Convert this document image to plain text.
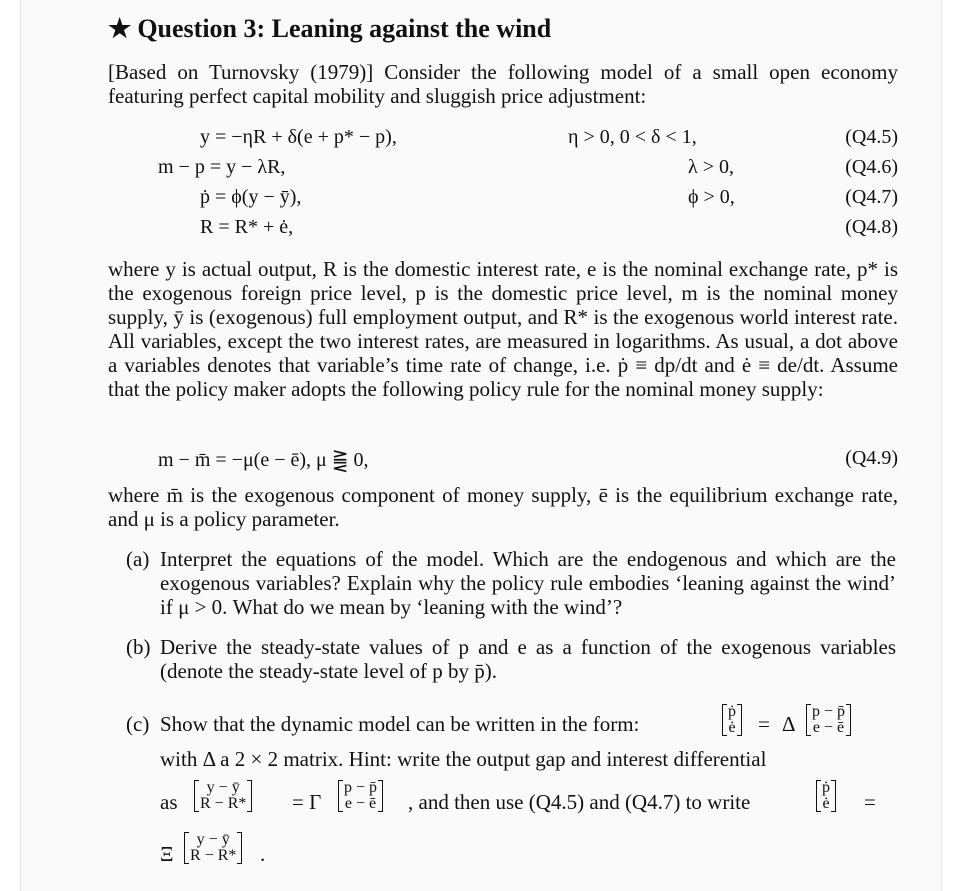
★ Question 3: Leaning against the wind
[Based on Turnovsky (1979)] Consider the following model of a small open economy featuring perfect capital mobility and sluggish price adjustment:
y = −ηR + δ(e + p* − p),	η > 0, 0 < δ < 1,	(Q4.5)
m − p = y − λR,	λ > 0,	(Q4.6)
ṗ = ϕ(y − ȳ),	ϕ > 0,	(Q4.7)
R = R* + ė,	(Q4.8)
where y is actual output, R is the domestic interest rate, e is the nominal exchange rate, p* is the exogenous foreign price level, p is the domestic price level, m is the nominal money supply, ȳ is (exogenous) full employment output, and R* is the exogenous world interest rate. All variables, except the two interest rates, are measured in logarithms. As usual, a dot above a variables denotes that variable’s time rate of change, i.e. ṗ ≡ dp/dt and ė ≡ de/dt. Assume that the policy maker adopts the following policy rule for the nominal money supply:
m − m̄ = −μ(e − ē), μ ⪌ 0,	(Q4.9)
where m̄ is the exogenous component of money supply, ē is the equilibrium exchange rate, and μ is a policy parameter.
(a) Interpret the equations of the model. Which are the endogenous and which are the exogenous variables? Explain why the policy rule embodies ‘leaning against the wind’ if μ > 0. What do we mean by ‘leaning with the wind’?
(b) Derive the steady-state values of p and e as a function of the exogenous variables (denote the steady-state level of p by p̄).
(c) Show that the dynamic model can be written in the form:
ṗ
ė	= Δ
p − p̄
e − ē
with Δ a 2 × 2 matrix. Hint: write the output gap and interest differential
as
y − ȳ
R − R* = Γ
p − p̄
e − ē	, and then use (Q4.5) and (Q4.7) to write
ṗ
ė	=
Ξ
y − ȳ
R − R* .
